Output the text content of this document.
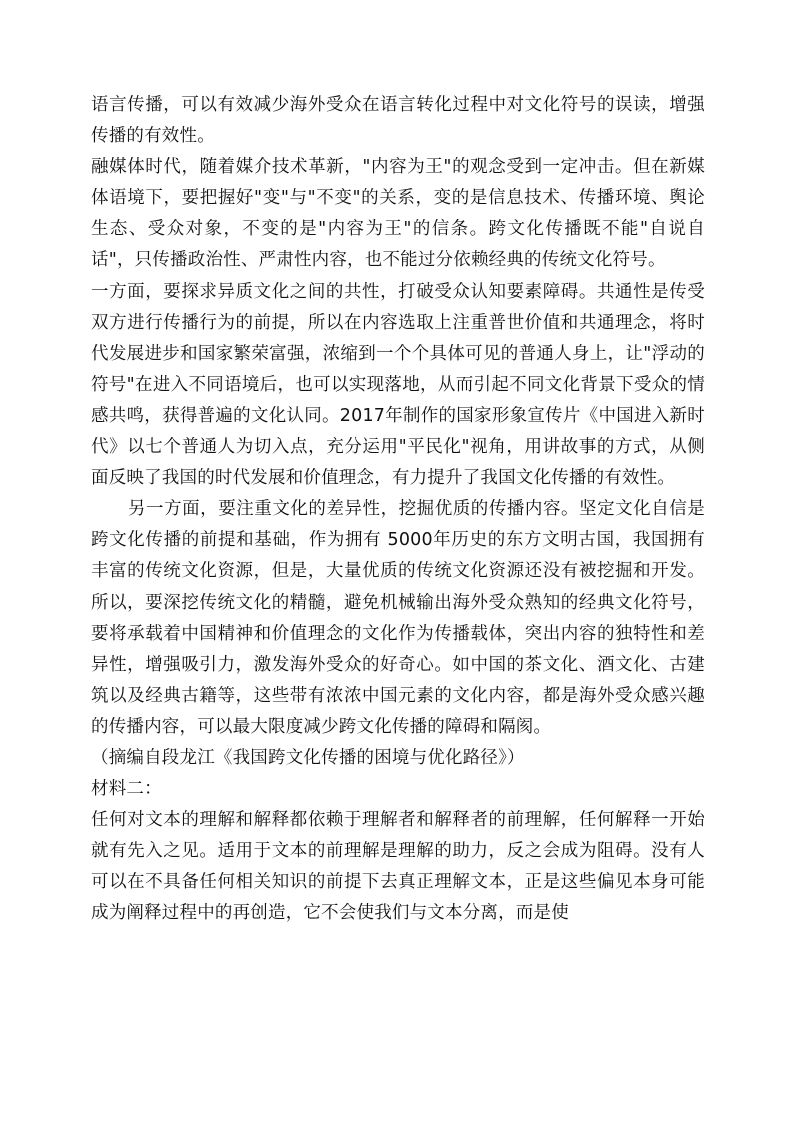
语言传播，可以有效减少海外受众在语言转化过程中对文化符号的误读，增强传播的有效性。

融媒体时代，随着媒介技术革新，"内容为王"的观念受到一定冲击。但在新媒体语境下，要把握好"变"与"不变"的关系，变的是信息技术、传播环境、舆论生态、受众对象，不变的是"内容为王"的信条。跨文化传播既不能"自说自话"，只传播政治性、严肃性内容，也不能过分依赖经典的传统文化符号。

一方面，要探求异质文化之间的共性，打破受众认知要素障碍。共通性是传受双方进行传播行为的前提，所以在内容选取上注重普世价值和共通理念，将时代发展进步和国家繁荣富强，浓缩到一个个具体可见的普通人身上，让"浮动的符号"在进入不同语境后，也可以实现落地，从而引起不同文化背景下受众的情感共鸣，获得普遍的文化认同。2017年制作的国家形象宣传片《中国进入新时代》以七个普通人为切入点，充分运用"平民化"视角，用讲故事的方式，从侧面反映了我国的时代发展和价值理念，有力提升了我国文化传播的有效性。

另一方面，要注重文化的差异性，挖掘优质的传播内容。坚定文化自信是跨文化传播的前提和基础，作为拥有 5000年历史的东方文明古国，我国拥有丰富的传统文化资源，但是，大量优质的传统文化资源还没有被挖掘和开发。所以，要深挖传统文化的精髓，避免机械输出海外受众熟知的经典文化符号，要将承载着中国精神和价值理念的文化作为传播载体，突出内容的独特性和差异性，增强吸引力，激发海外受众的好奇心。如中国的茶文化、酒文化、古建筑以及经典古籍等，这些带有浓浓中国元素的文化内容，都是海外受众感兴趣的传播内容，可以最大限度减少跨文化传播的障碍和隔阂。

（摘编自段龙江《我国跨文化传播的困境与优化路径》）

材料二：

任何对文本的理解和解释都依赖于理解者和解释者的前理解，任何解释一开始就有先入之见。适用于文本的前理解是理解的助力，反之会成为阻碍。没有人可以在不具备任何相关知识的前提下去真正理解文本，正是这些偏见本身可能成为阐释过程中的再创造，它不会使我们与文本分离，而是使
